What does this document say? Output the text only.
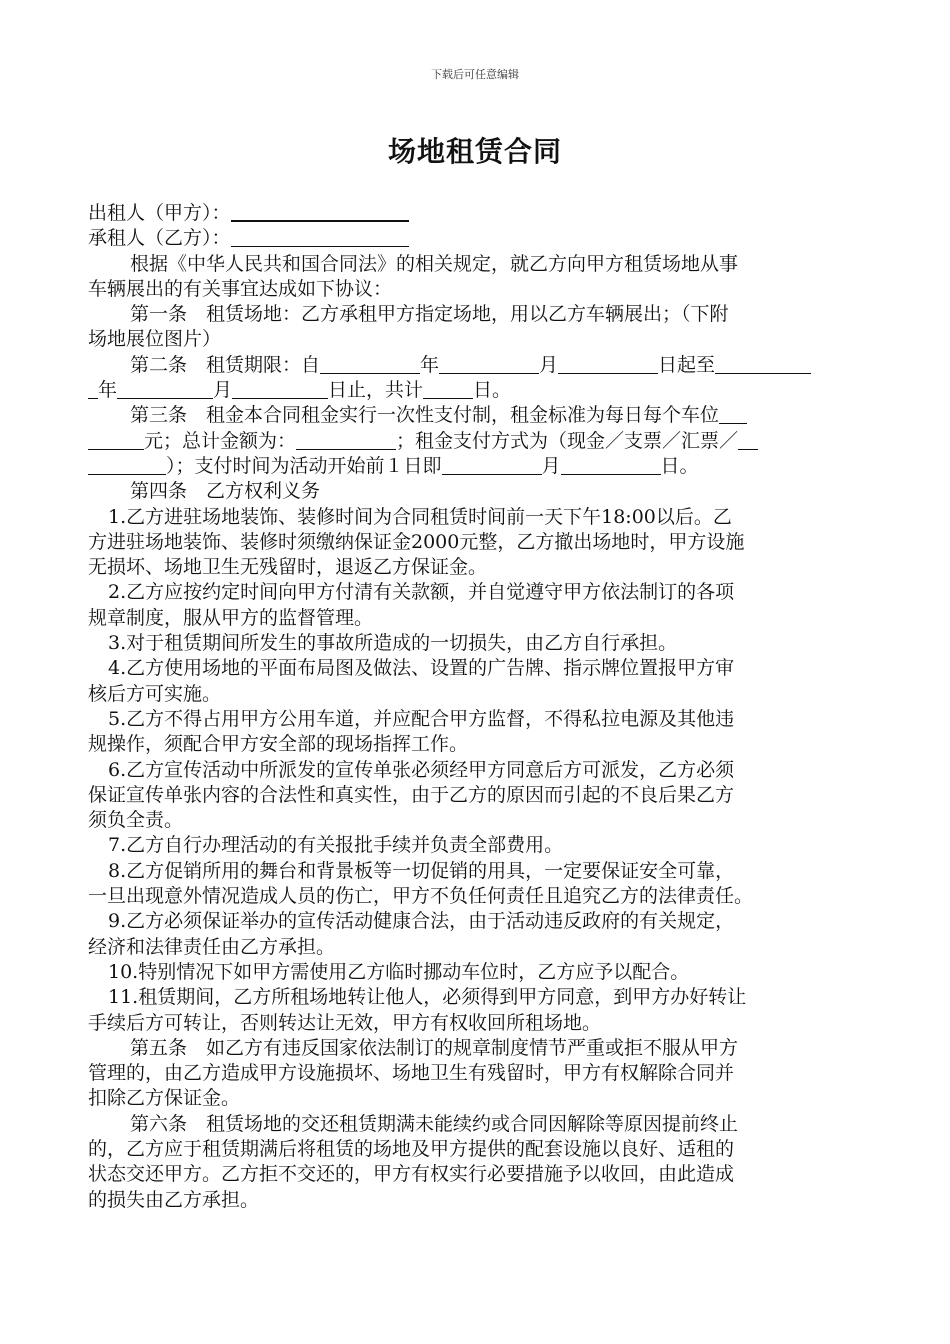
下载后可任意编辑
场地租赁合同
出租人（甲方）：
承租人（乙方）：
根据《中华人民共和国合同法》的相关规定，就乙方向甲方租赁场地从事
车辆展出的有关事宜达成如下协议：
第一条　租赁场地：乙方承租甲方指定场地，用以乙方车辆展出；（下附
场地展位图片）
第二条　租赁期限：自	年	月	日起至
年	月	日止，共计	日。
第三条　租金本合同租金实行一次性支付制，租金标准为每日每个车位
元；总计金额为：	；租金支付方式为（现金／支票／汇票／
）；支付时间为活动开始前１日即	月	日。
第四条　乙方权利义务
1.乙方进驻场地装饰、装修时间为合同租赁时间前一天下午18:00以后。乙
方进驻场地装饰、装修时须缴纳保证金2000元整，乙方撤出场地时，甲方设施
无损坏、场地卫生无残留时，退返乙方保证金。
2.乙方应按约定时间向甲方付清有关款额，并自觉遵守甲方依法制订的各项
规章制度，服从甲方的监督管理。
3.对于租赁期间所发生的事故所造成的一切损失，由乙方自行承担。
4.乙方使用场地的平面布局图及做法、设置的广告牌、指示牌位置报甲方审
核后方可实施。
5.乙方不得占用甲方公用车道，并应配合甲方监督，不得私拉电源及其他违
规操作，须配合甲方安全部的现场指挥工作。
6.乙方宣传活动中所派发的宣传单张必须经甲方同意后方可派发，乙方必须
保证宣传单张内容的合法性和真实性，由于乙方的原因而引起的不良后果乙方
须负全责。
7.乙方自行办理活动的有关报批手续并负责全部费用。
8.乙方促销所用的舞台和背景板等一切促销的用具，一定要保证安全可靠，
一旦出现意外情况造成人员的伤亡，甲方不负任何责任且追究乙方的法律责任。
9.乙方必须保证举办的宣传活动健康合法，由于活动违反政府的有关规定，
经济和法律责任由乙方承担。
10.特别情况下如甲方需使用乙方临时挪动车位时，乙方应予以配合。
11.租赁期间，乙方所租场地转让他人，必须得到甲方同意，到甲方办好转让
手续后方可转让，否则转达让无效，甲方有权收回所租场地。
第五条　如乙方有违反国家依法制订的规章制度情节严重或拒不服从甲方
管理的，由乙方造成甲方设施损坏、场地卫生有残留时，甲方有权解除合同并
扣除乙方保证金。
第六条　租赁场地的交还租赁期满未能续约或合同因解除等原因提前终止
的，乙方应于租赁期满后将租赁的场地及甲方提供的配套设施以良好、适租的
状态交还甲方。乙方拒不交还的，甲方有权实行必要措施予以收回，由此造成
的损失由乙方承担。
